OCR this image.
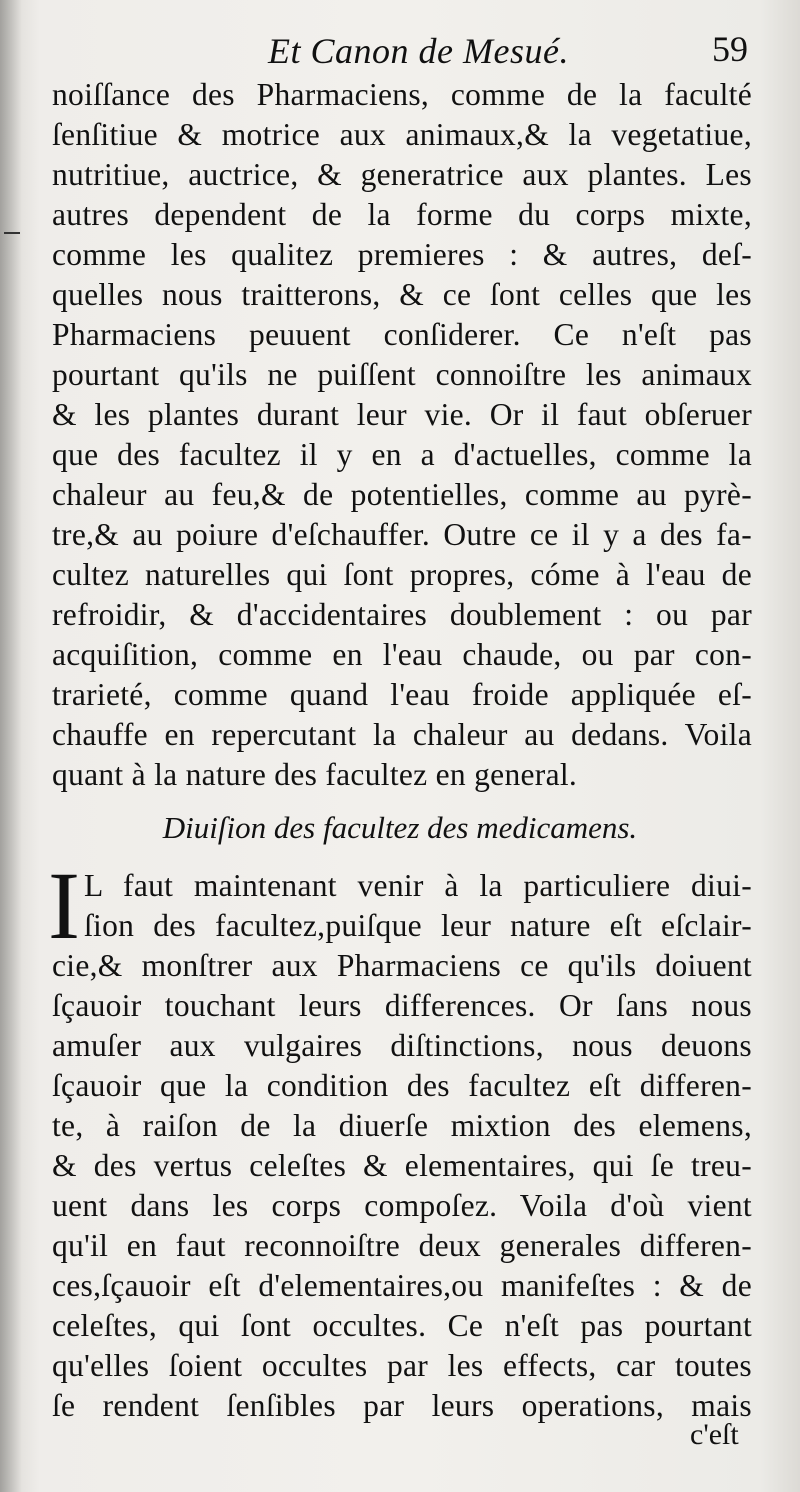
Et Canon de Mesué.	59
noiſſance des Pharmaciens, comme de la faculté
ſenſitiue & motrice aux animaux,& la vegetatiue,
nutritiue, auctrice, & generatrice aux plantes. Les
autres dependent de la forme du corps mixte,
comme les qualitez premieres : & autres, deſ-
quelles nous traitterons, & ce ſont celles que les
Pharmaciens peuuent conſiderer. Ce n'eſt pas
pourtant qu'ils ne puiſſent connoiſtre les animaux
& les plantes durant leur vie. Or il faut obſeruer
que des facultez il y en a d'actuelles, comme la
chaleur au feu,& de potentielles, comme au pyrè-
tre,& au poiure d'eſchauffer. Outre ce il y a des fa-
cultez naturelles qui ſont propres, cóme à l'eau de
refroidir, & d'accidentaires doublement : ou par
acquiſition, comme en l'eau chaude, ou par con-
trarieté, comme quand l'eau froide appliquée eſ-
chauffe en repercutant la chaleur au dedans. Voila
quant à la nature des facultez en general.
Diuiſion des facultez des medicamens.
I L faut maintenant venir à la particuliere diui-
ſion des facultez,puiſque leur nature eſt eſclair-
cie,& monſtrer aux Pharmaciens ce qu'ils doiuent
ſçauoir touchant leurs differences. Or ſans nous
amuſer aux vulgaires diſtinctions, nous deuons
ſçauoir que la condition des facultez eſt differen-
te, à raiſon de la diuerſe mixtion des elemens,
& des vertus celeſtes & elementaires, qui ſe treu-
uent dans les corps compoſez. Voila d'où vient
qu'il en faut reconnoiſtre deux generales differen-
ces,ſçauoir eſt d'elementaires,ou manifeſtes : & de
celeſtes, qui ſont occultes. Ce n'eſt pas pourtant
qu'elles ſoient occultes par les effects, car toutes
ſe rendent ſenſibles par leurs operations, mais
c'eſt
